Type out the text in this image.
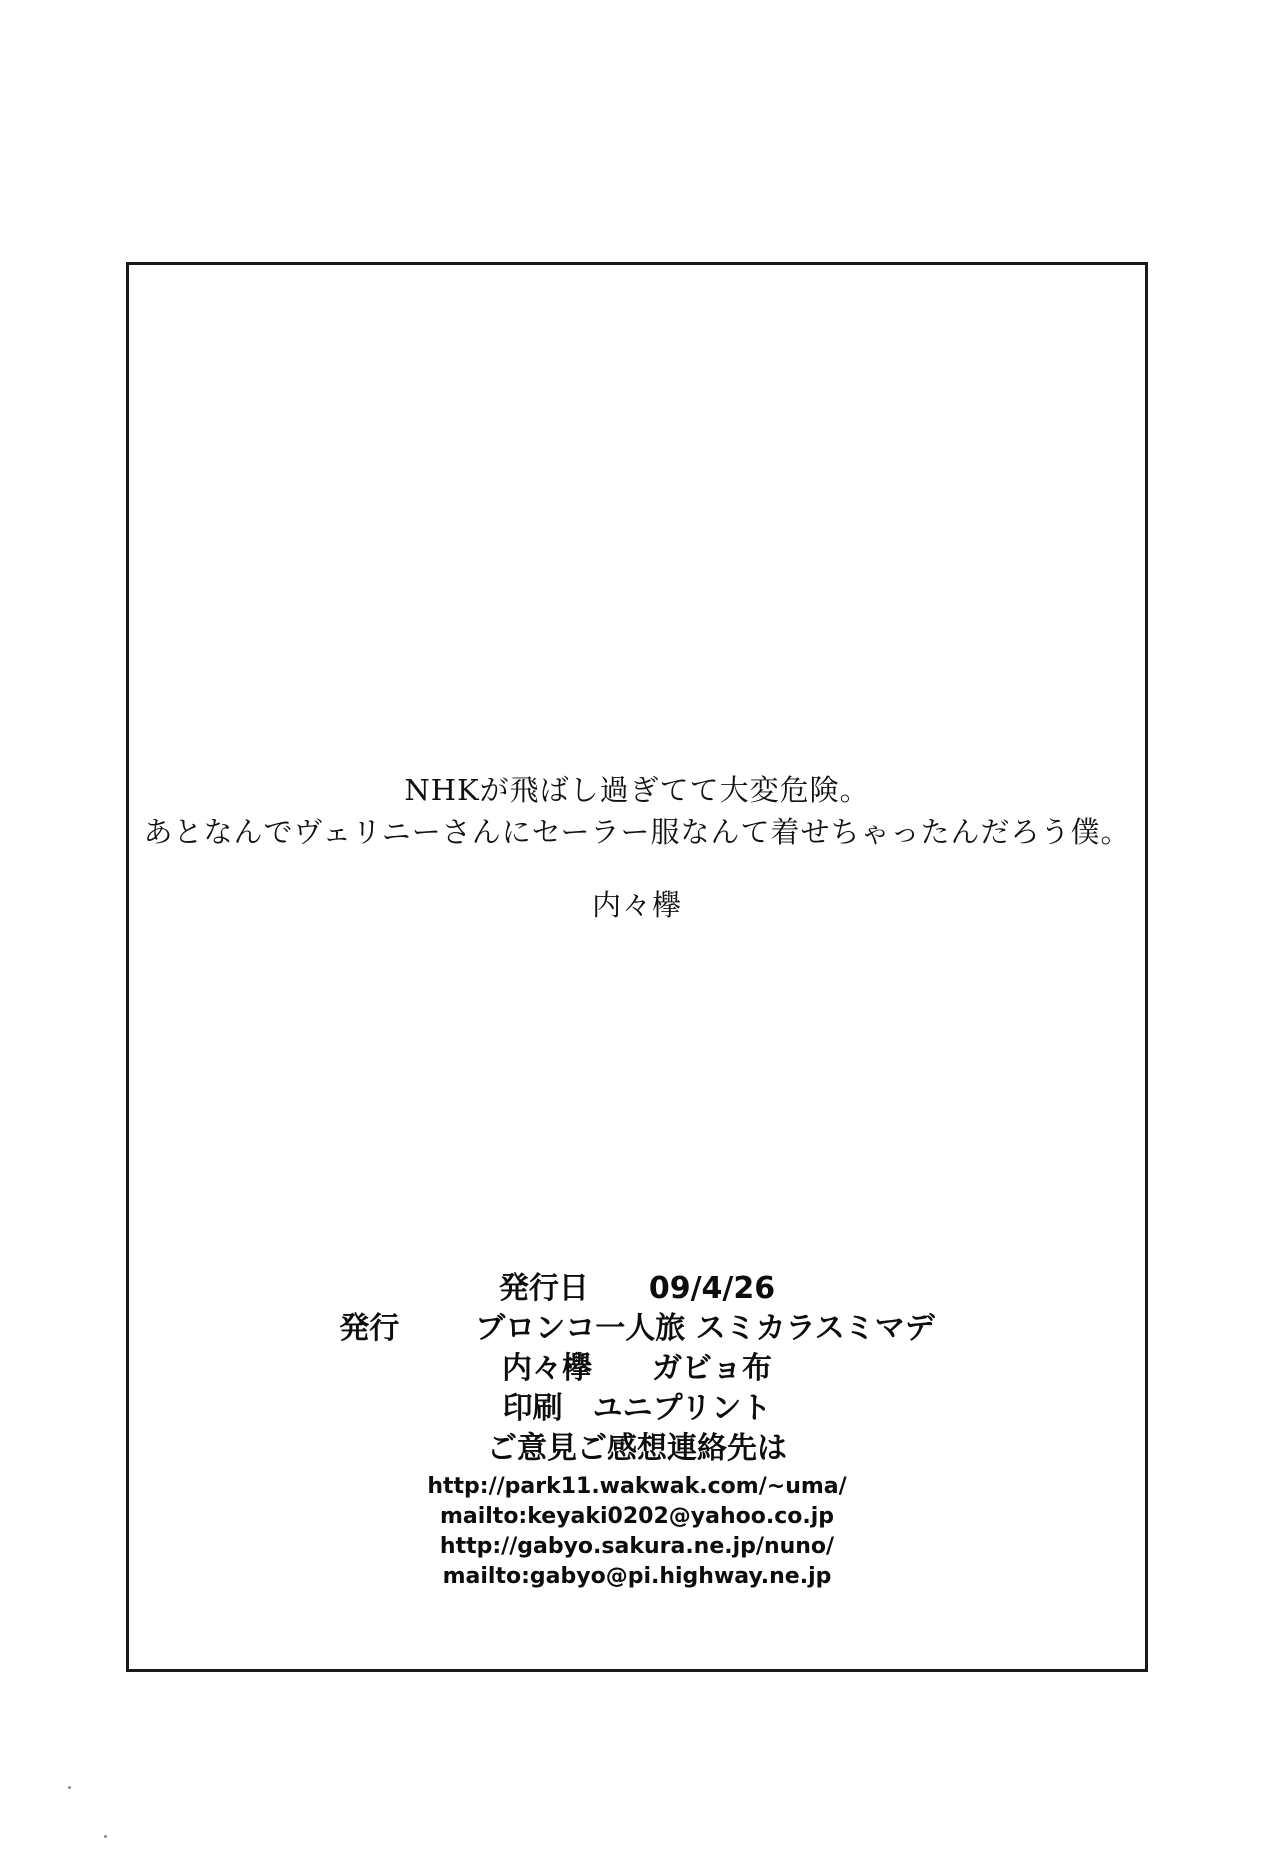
NHKが飛ばし過ぎてて大変危険。
あとなんでヴェリニーさんにセーラー服なんて着せちゃったんだろう僕。
内々欅
発行日 09/4/26
発行	ブロンコ一人旅 スミカラスミマデ
内々欅 ガビョ布
印刷 ユニプリント
ご意見ご感想連絡先は
http://park11.wakwak.com/~uma/
mailto:keyaki0202@yahoo.co.jp
http://gabyo.sakura.ne.jp/nuno/
mailto:gabyo@pi.highway.ne.jp
